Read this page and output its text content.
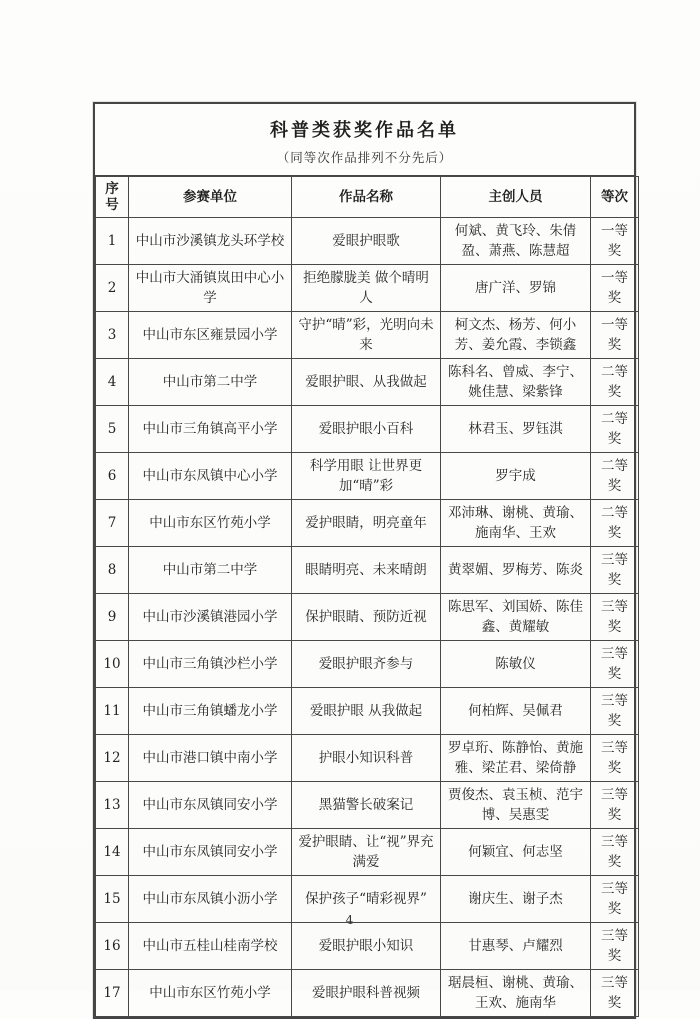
科普类获奖作品名单
（同等次作品排列不分先后）
序号	参赛单位	作品名称	主创人员	等次
1	中山市沙溪镇龙头环学校	爱眼护眼歌	何斌、黄飞玲、朱倩盈、萧燕、陈慧超	一等奖
2	中山市大涌镇岚田中心小学	拒绝朦胧美 做个晴明人	唐广洋、罗锦	一等奖
3	中山市东区雍景园小学	守护“晴”彩，光明向未来	柯文杰、杨芳、何小芳、姜允霞、李锁鑫	一等奖
4	中山市第二中学	爱眼护眼、从我做起	陈科名、曾威、李宁、姚佳慧、梁紫锋	二等奖
5	中山市三角镇高平小学	爱眼护眼小百科	林君玉、罗钰淇	二等奖
6	中山市东凤镇中心小学	科学用眼 让世界更加“晴”彩	罗宇成	二等奖
7	中山市东区竹苑小学	爱护眼睛，明亮童年	邓沛琳、谢桃、黄瑜、施南华、王欢	二等奖
8	中山市第二中学	眼睛明亮、未来晴朗	黄翠媚、罗梅芳、陈炎	三等奖
9	中山市沙溪镇港园小学	保护眼睛、预防近视	陈思军、刘国娇、陈佳鑫、黄耀敏	三等奖
10	中山市三角镇沙栏小学	爱眼护眼齐参与	陈敏仪	三等奖
11	中山市三角镇蟠龙小学	爱眼护眼 从我做起	何柏辉、吴佩君	三等奖
12	中山市港口镇中南小学	护眼小知识科普	罗卓珩、陈静怡、黄施雅、梁芷君、梁倚静	三等奖
13	中山市东凤镇同安小学	黑猫警长破案记	贾俊杰、袁玉桢、范宇博、吴惠雯	三等奖
14	中山市东凤镇同安小学	爱护眼睛、让“视”界充满爱	何颖宜、何志坚	三等奖
15	中山市东凤镇小沥小学	保护孩子“晴彩视界”	谢庆生、谢子杰	三等奖
16	中山市五桂山桂南学校	爱眼护眼小知识	甘惠琴、卢耀烈	三等奖
17	中山市东区竹苑小学	爱眼护眼科普视频	琚晨桓、谢桃、黄瑜、王欢、施南华	三等奖
4
